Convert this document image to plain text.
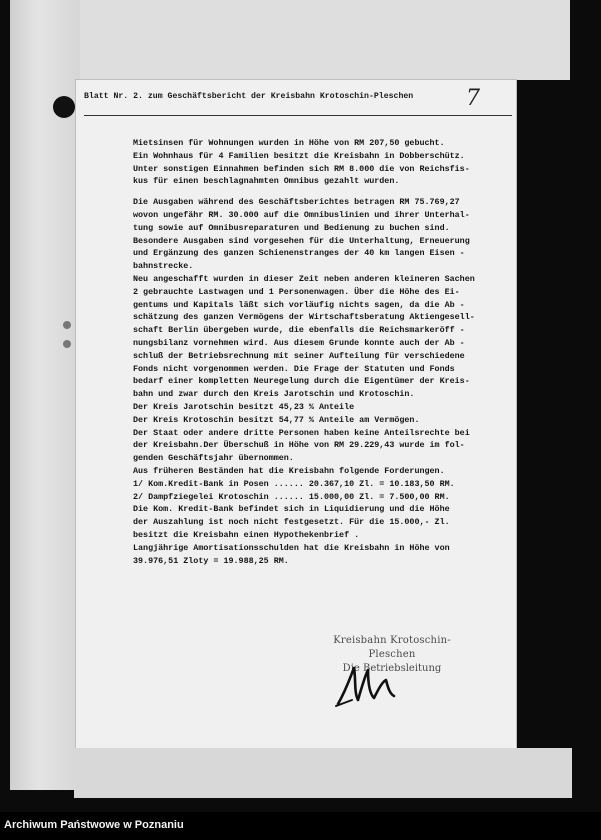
Blatt Nr. 2. zum Geschäftsbericht der Kreisbahn Krotoschin-Pleschen	7
Mietsinsen für Wohnungen wurden in Höhe von RM 207,50 gebucht.
Ein Wohnhaus für 4 Familien besitzt die Kreisbahn in Dobberschütz.
Unter sonstigen Einnahmen befinden sich RM 8.000 die von Reichsfis-
kus für einen beschlagnahmten Omnibus gezahlt wurden.
Die Ausgaben während des Geschäftsberichtes betragen RM 75.769,27
wovon ungefähr RM. 30.000 auf die Omnibuslinien und ihrer Unterhal-
tung sowie auf Omnibusreparaturen und Bedienung zu buchen sind.
Besondere Ausgaben sind vorgesehen für die Unterhaltung, Erneuerung
und Ergänzung des ganzen Schienenstranges der 40 km langen Eisen -
bahnstrecke.
Neu angeschafft wurden in dieser Zeit neben anderen kleineren Sachen
2 gebrauchte Lastwagen und 1 Personenwagen. Über die Höhe des Ei-
gentums und Kapitals läßt sich vorläufig nichts sagen, da die Ab -
schätzung des ganzen Vermögens der Wirtschaftsberatung Aktiengesell-
schaft Berlin übergeben wurde, die ebenfalls die Reichsmarkeröff -
nungsbilanz vornehmen wird. Aus diesem Grunde konnte auch der Ab -
schluß der Betriebsrechnung mit seiner Aufteilung für verschiedene
Fonds nicht vorgenommen werden. Die Frage der Statuten und Fonds
bedarf einer kompletten Neuregelung durch die Eigentümer der Kreis-
bahn und zwar durch den Kreis Jarotschin und Krotoschin.
Der Kreis Jarotschin besitzt 45,23 % Anteile
Der Kreis Krotoschin besitzt 54,77 % Anteile am Vermögen.
Der Staat oder andere dritte Personen haben keine Anteilsrechte bei
der Kreisbahn.Der Überschuß in Höhe von RM 29.229,43 wurde im fol-
genden Geschäftsjahr übernommen.
Aus früheren Beständen hat die Kreisbahn folgende Forderungen.
1/ Kom.Kredit-Bank in Posen ...... 20.367,10 Zl. = 10.183,50 RM.
2/ Dampfziegelei Krotoschin ...... 15.000,00 Zl. = 7.500,00 RM.
Die Kom. Kredit-Bank befindet sich in Liquidierung und die Höhe
der Auszahlung ist noch nicht festgesetzt. Für die 15.000,- Zl.
besitzt die Kreisbahn einen Hypothekenbrief .
Langjährige Amortisationsschulden hat die Kreisbahn in Höhe von
39.976,51 Zloty = 19.988,25 RM.
Kreisbahn Krotoschin-Pleschen
Die Betriebsleitung
Archiwum Państwowe w Poznaniu
